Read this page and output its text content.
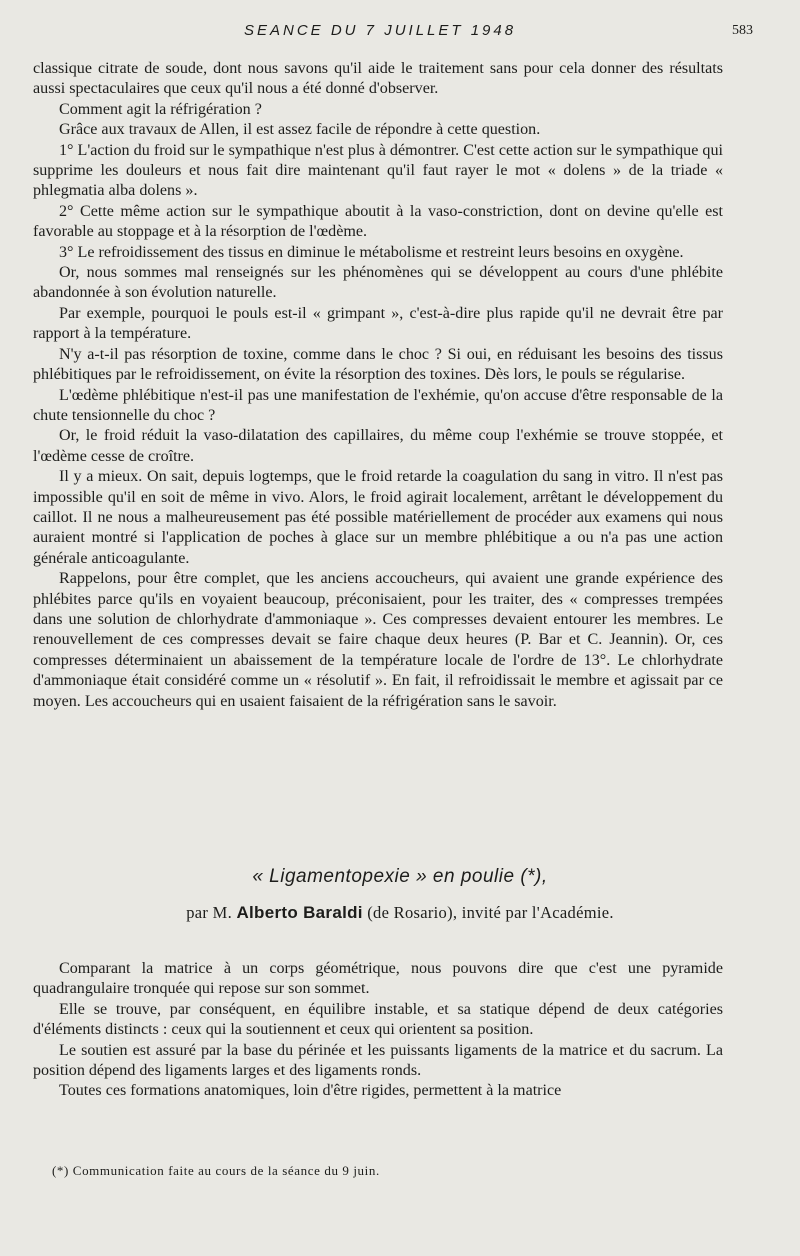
SEANCE DU 7 JUILLET 1948	583

classique citrate de soude, dont nous savons qu'il aide le traitement sans pour cela donner des résultats aussi spectaculaires que ceux qu'il nous a été donné d'observer.

Comment agit la réfrigération ?

Grâce aux travaux de Allen, il est assez facile de répondre à cette question.

1° L'action du froid sur le sympathique n'est plus à démontrer. C'est cette action sur le sympathique qui supprime les douleurs et nous fait dire maintenant qu'il faut rayer le mot « dolens » de la triade « phlegmatia alba dolens ».

2° Cette même action sur le sympathique aboutit à la vaso-constriction, dont on devine qu'elle est favorable au stoppage et à la résorption de l'œdème.

3° Le refroidissement des tissus en diminue le métabolisme et restreint leurs besoins en oxygène.

Or, nous sommes mal renseignés sur les phénomènes qui se développent au cours d'une phlébite abandonnée à son évolution naturelle.

Par exemple, pourquoi le pouls est-il « grimpant », c'est-à-dire plus rapide qu'il ne devrait être par rapport à la température.

N'y a-t-il pas résorption de toxine, comme dans le choc ? Si oui, en réduisant les besoins des tissus phlébitiques par le refroidissement, on évite la résorption des toxines. Dès lors, le pouls se régularise.

L'œdème phlébitique n'est-il pas une manifestation de l'exhémie, qu'on accuse d'être responsable de la chute tensionnelle du choc ?

Or, le froid réduit la vaso-dilatation des capillaires, du même coup l'exhémie se trouve stoppée, et l'œdème cesse de croître.

Il y a mieux. On sait, depuis logtemps, que le froid retarde la coagulation du sang in vitro. Il n'est pas impossible qu'il en soit de même in vivo. Alors, le froid agirait localement, arrêtant le développement du caillot. Il ne nous a malheureusement pas été possible matériellement de procéder aux examens qui nous auraient montré si l'application de poches à glace sur un membre phlébitique a ou n'a pas une action générale anticoagulante.

Rappelons, pour être complet, que les anciens accoucheurs, qui avaient une grande expérience des phlébites parce qu'ils en voyaient beaucoup, préconisaient, pour les traiter, des « compresses trempées dans une solution de chlorhydrate d'ammoniaque ». Ces compresses devaient entourer les membres. Le renouvellement de ces compresses devait se faire chaque deux heures (P. Bar et C. Jeannin). Or, ces compresses déterminaient un abaissement de la température locale de l'ordre de 13°. Le chlorhydrate d'ammoniaque était considéré comme un « résolutif ». En fait, il refroidissait le membre et agissait par ce moyen. Les accoucheurs qui en usaient faisaient de la réfrigération sans le savoir.

« Ligamentopexie » en poulie (*),
par M. Alberto Baraldi (de Rosario), invité par l'Académie.

Comparant la matrice à un corps géométrique, nous pouvons dire que c'est une pyramide quadrangulaire tronquée qui repose sur son sommet.

Elle se trouve, par conséquent, en équilibre instable, et sa statique dépend de deux catégories d'éléments distincts : ceux qui la soutiennent et ceux qui orientent sa position.

Le soutien est assuré par la base du périnée et les puissants ligaments de la matrice et du sacrum. La position dépend des ligaments larges et des ligaments ronds.

Toutes ces formations anatomiques, loin d'être rigides, permettent à la matrice

(*) Communication faite au cours de la séance du 9 juin.
